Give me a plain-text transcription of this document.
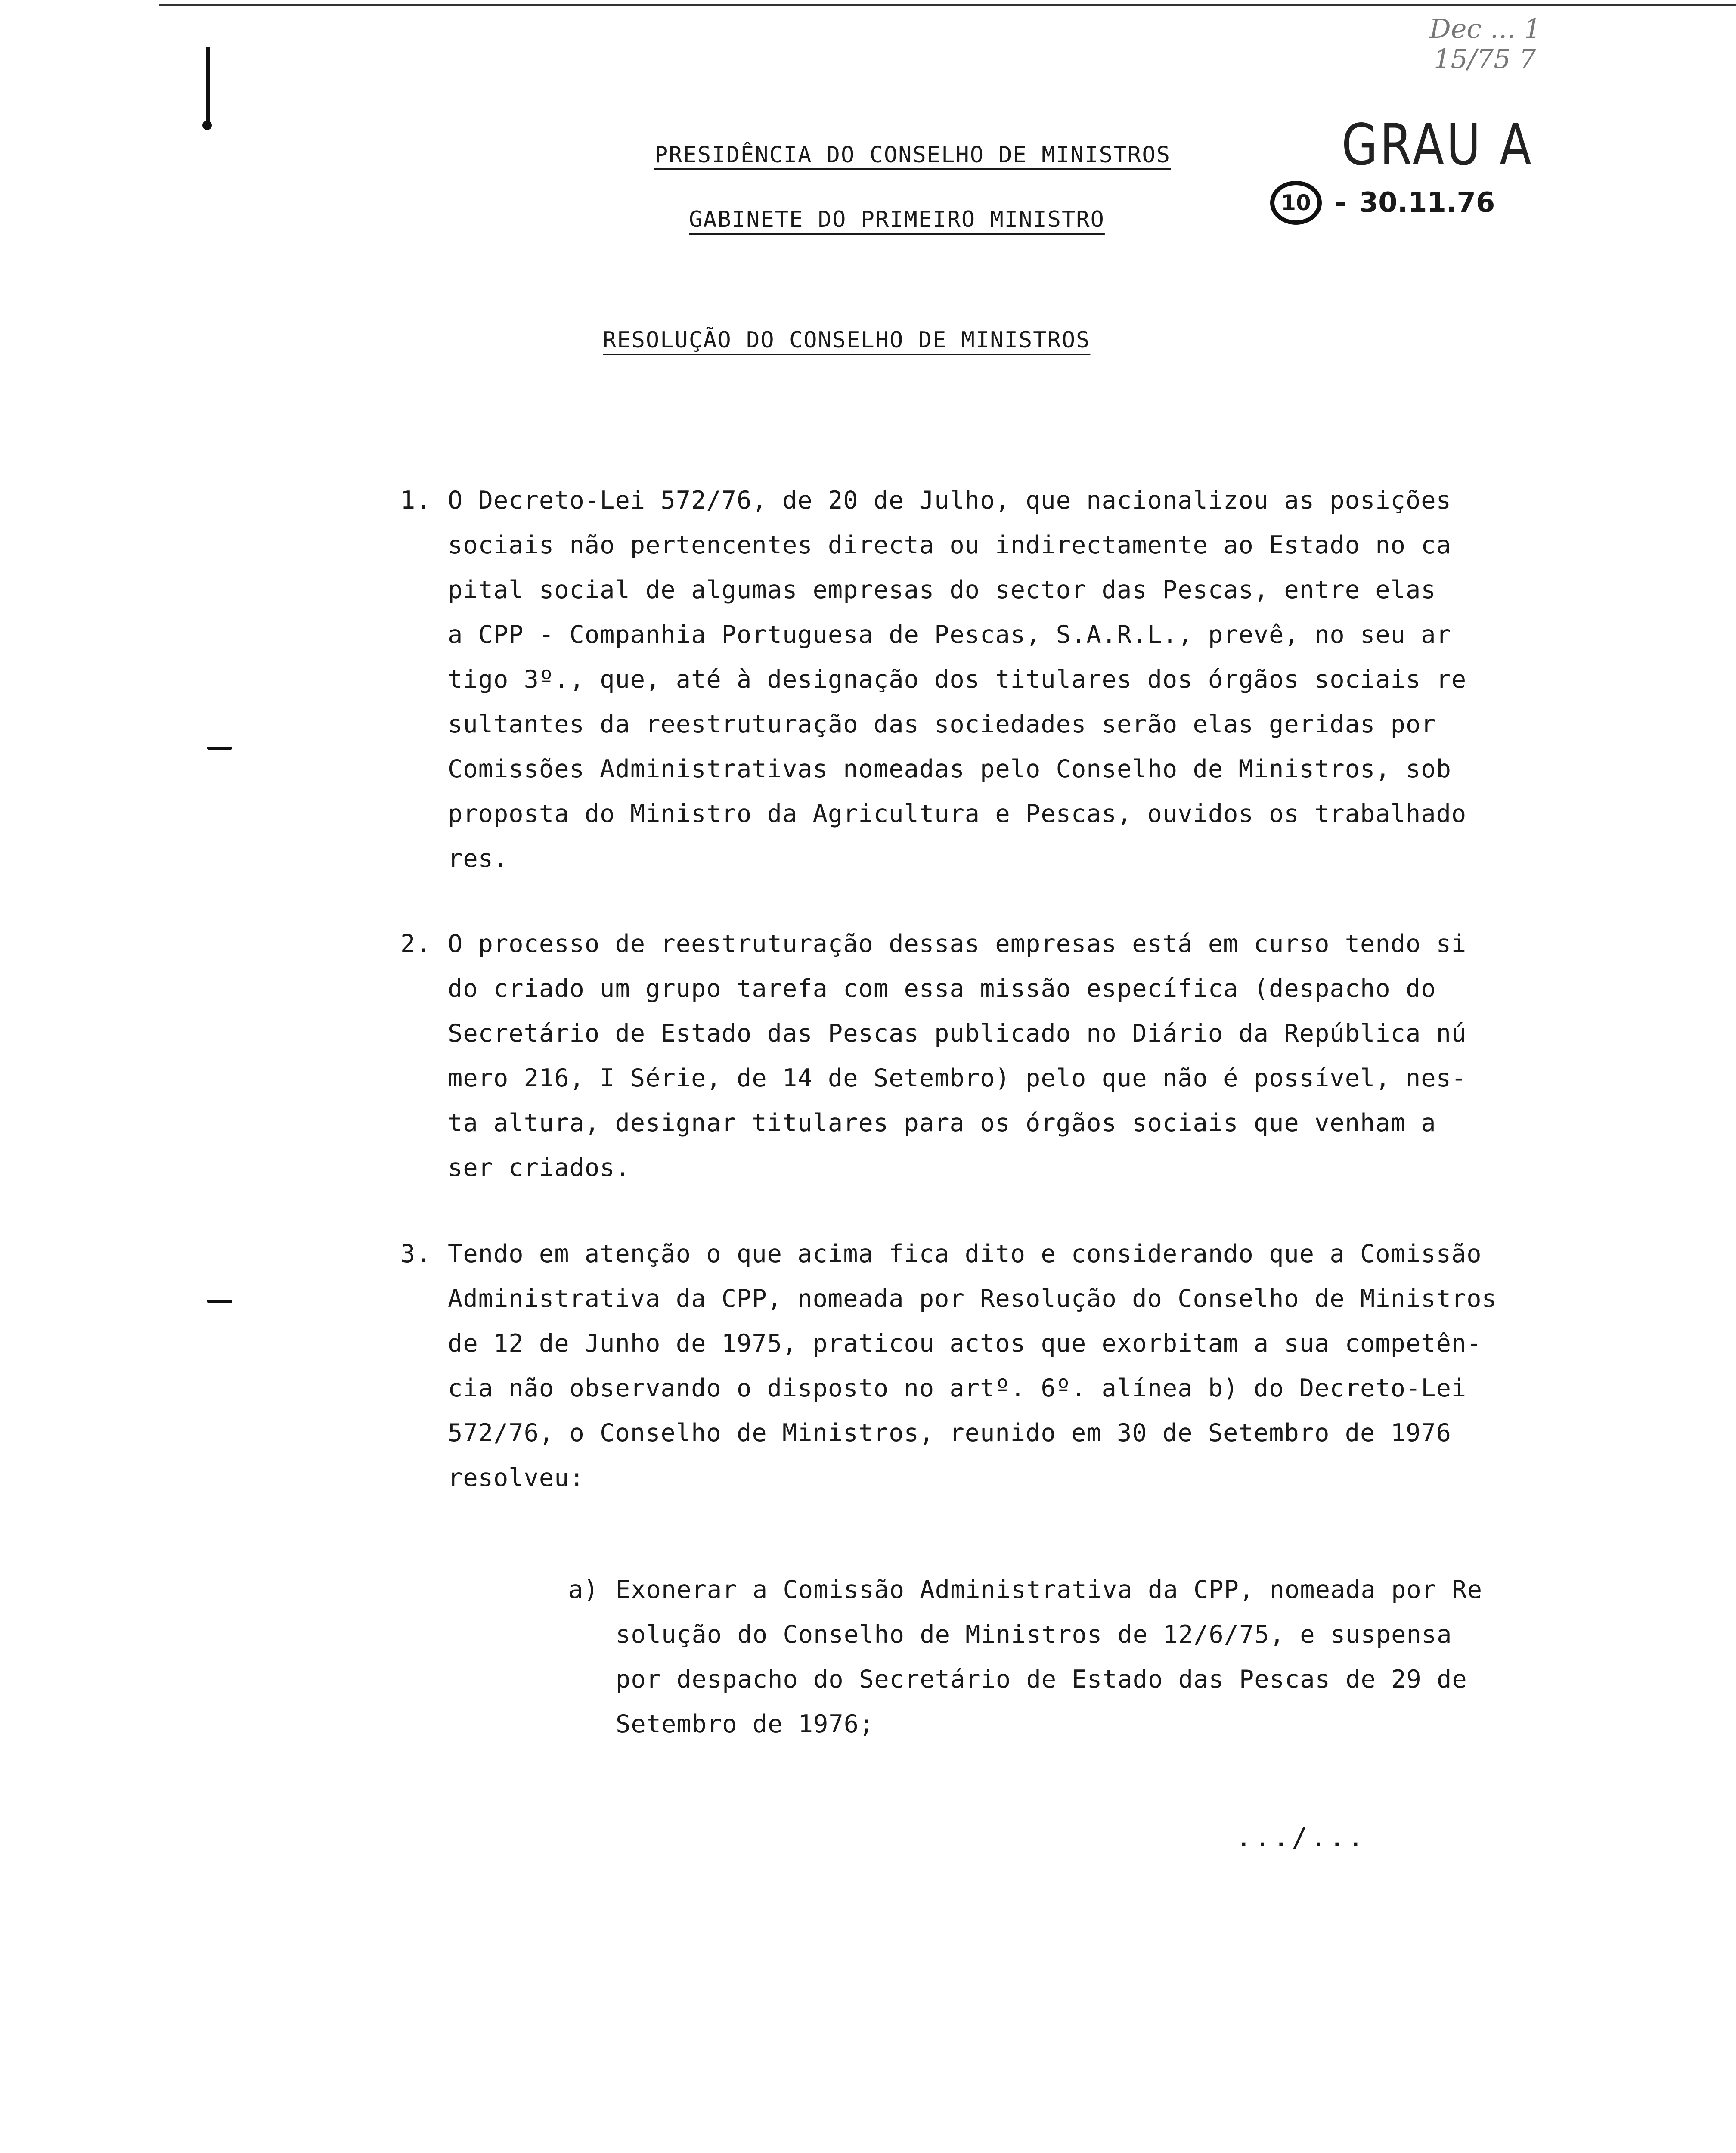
Dec ... 1
15/75 7
GRAU A
10 - 30.11.76
PRESIDÊNCIA DO CONSELHO DE MINISTROS
GABINETE DO PRIMEIRO MINISTRO
RESOLUÇÃO DO CONSELHO DE MINISTROS
1. O Decreto-Lei 572/76, de 20 de Julho, que nacionalizou as posições
sociais não pertencentes directa ou indirectamente ao Estado no ca
pital social de algumas empresas do sector das Pescas, entre elas
a CPP - Companhia Portuguesa de Pescas, S.A.R.L., prevê, no seu ar
tigo 3º., que, até à designação dos titulares dos órgãos sociais re
sultantes da reestruturação das sociedades serão elas geridas por
Comissões Administrativas nomeadas pelo Conselho de Ministros, sob
proposta do Ministro da Agricultura e Pescas, ouvidos os trabalhado
res.
2. O processo de reestruturação dessas empresas está em curso tendo si
do criado um grupo tarefa com essa missão específica (despacho do
Secretário de Estado das Pescas publicado no Diário da República nú
mero 216, I Série, de 14 de Setembro) pelo que não é possível, nes-
ta altura, designar titulares para os órgãos sociais que venham a
ser criados.
3. Tendo em atenção o que acima fica dito e considerando que a Comissão
Administrativa da CPP, nomeada por Resolução do Conselho de Ministros
de 12 de Junho de 1975, praticou actos que exorbitam a sua competên-
cia não observando o disposto no artº. 6º. alínea b) do Decreto-Lei
572/76, o Conselho de Ministros, reunido em 30 de Setembro de 1976
resolveu:
a) Exonerar a Comissão Administrativa da CPP, nomeada por Re
solução do Conselho de Ministros de 12/6/75, e suspensa
por despacho do Secretário de Estado das Pescas de 29 de
Setembro de 1976;
.../...
